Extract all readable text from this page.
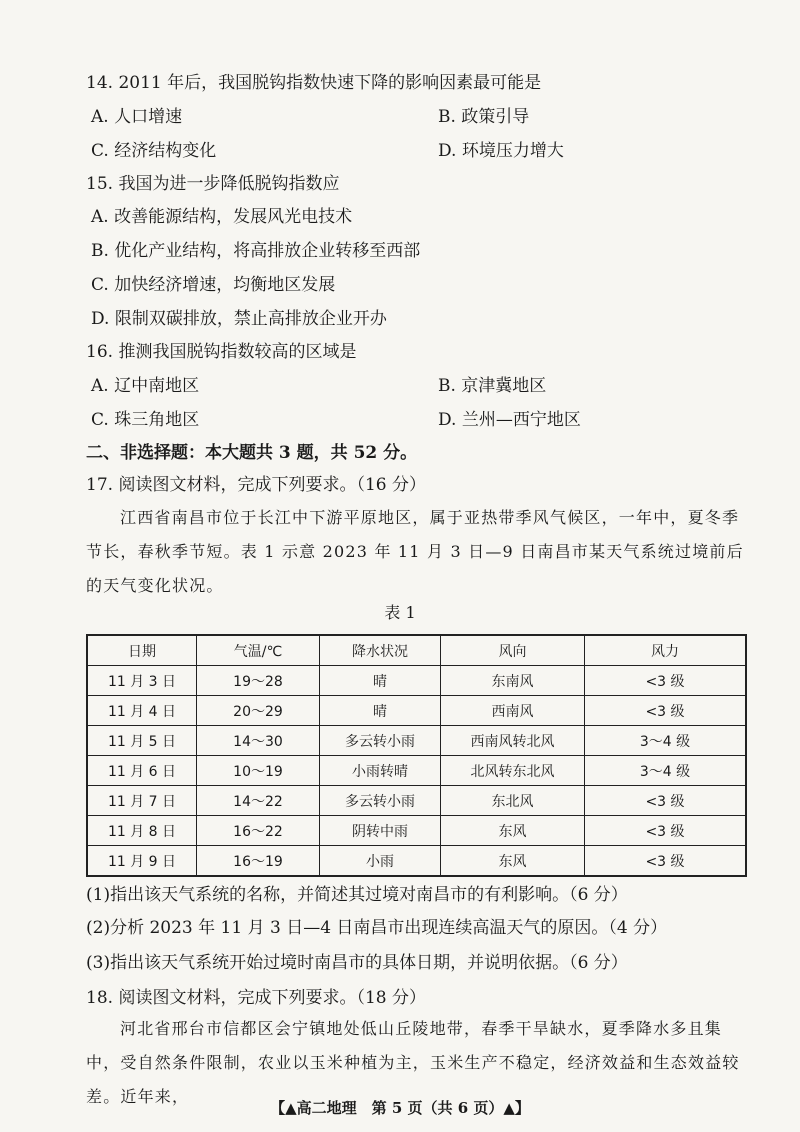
14. 2011 年后，我国脱钩指数快速下降的影响因素最可能是
A. 人口增速	B. 政策引导
C. 经济结构变化	D. 环境压力增大
15. 我国为进一步降低脱钩指数应
A. 改善能源结构，发展风光电技术
B. 优化产业结构，将高排放企业转移至西部
C. 加快经济增速，均衡地区发展
D. 限制双碳排放，禁止高排放企业开办
16. 推测我国脱钩指数较高的区域是
A. 辽中南地区	B. 京津冀地区
C. 珠三角地区	D. 兰州—西宁地区
二、非选择题：本大题共 3 题，共 52 分。
17. 阅读图文材料，完成下列要求。（16 分）
江西省南昌市位于长江中下游平原地区，属于亚热带季风气候区，一年中，夏冬季节长，春秋季节短。表 1 示意 2023 年 11 月 3 日—9 日南昌市某天气系统过境前后的天气变化状况。
表 1
日期	气温/℃	降水状况	风向	风力
11 月 3 日	19～28	晴	东南风	<3 级
11 月 4 日	20～29	晴	西南风	<3 级
11 月 5 日	14～30	多云转小雨	西南风转北风	3～4 级
11 月 6 日	10～19	小雨转晴	北风转东北风	3～4 级
11 月 7 日	14～22	多云转小雨	东北风	<3 级
11 月 8 日	16～22	阴转中雨	东风	<3 级
11 月 9 日	16～19	小雨	东风	<3 级
(1)指出该天气系统的名称，并简述其过境对南昌市的有利影响。（6 分）
(2)分析 2023 年 11 月 3 日—4 日南昌市出现连续高温天气的原因。（4 分）
(3)指出该天气系统开始过境时南昌市的具体日期，并说明依据。（6 分）
18. 阅读图文材料，完成下列要求。（18 分）
河北省邢台市信都区会宁镇地处低山丘陵地带，春季干旱缺水，夏季降水多且集中，受自然条件限制，农业以玉米种植为主，玉米生产不稳定，经济效益和生态效益较差。近年来，
【▲高二地理　第 5 页（共 6 页）▲】
